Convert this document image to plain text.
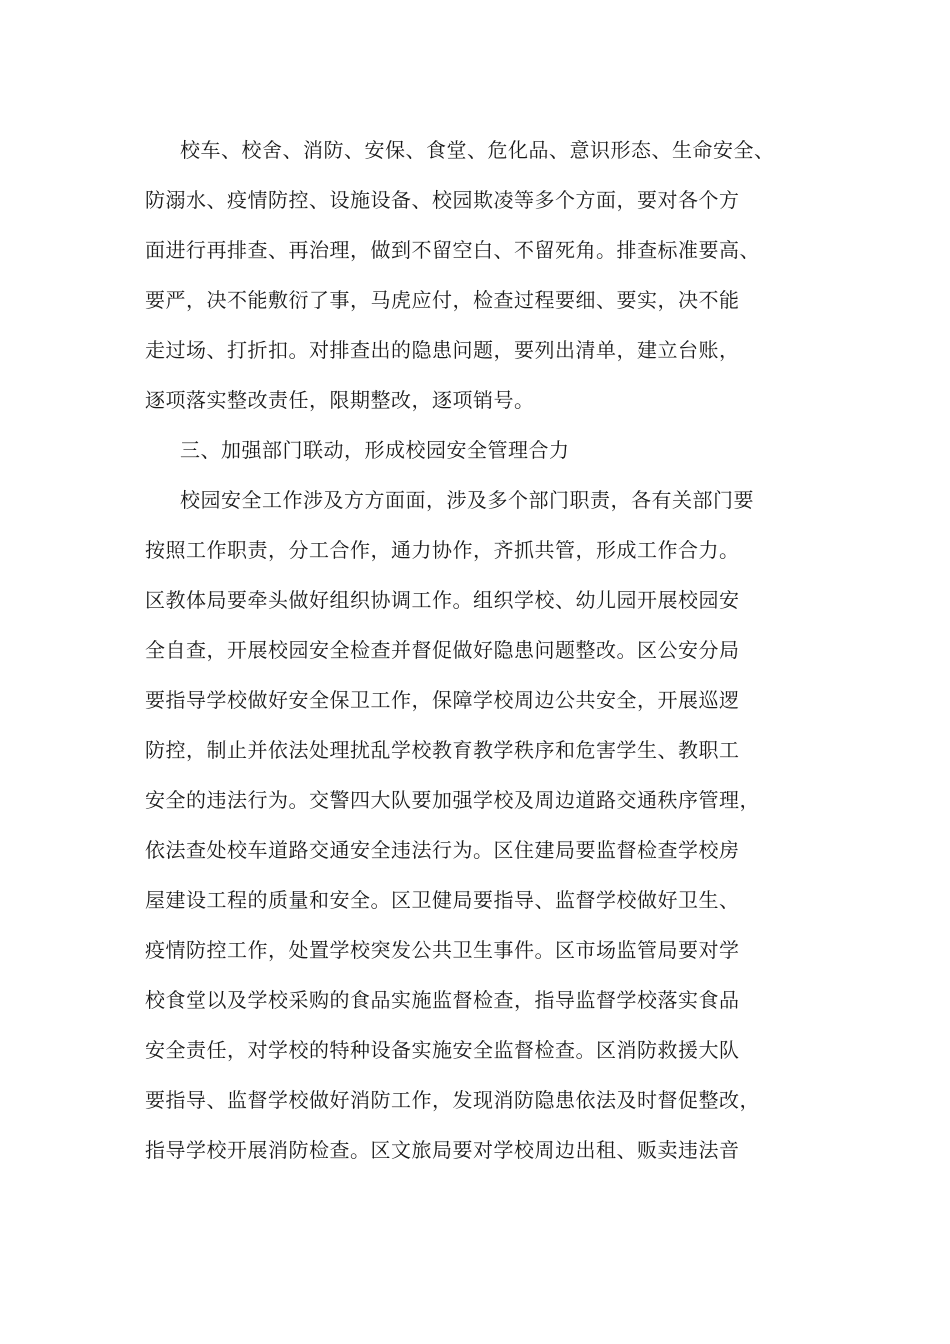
校车、校舍、消防、安保、食堂、危化品、意识形态、生命安全、
防溺水、疫情防控、设施设备、校园欺凌等多个方面，要对各个方
面进行再排查、再治理，做到不留空白、不留死角。排查标准要高、
要严，决不能敷衍了事，马虎应付，检查过程要细、要实，决不能
走过场、打折扣。对排查出的隐患问题，要列出清单，建立台账，
逐项落实整改责任，限期整改，逐项销号。
三、加强部门联动，形成校园安全管理合力
校园安全工作涉及方方面面，涉及多个部门职责，各有关部门要
按照工作职责，分工合作，通力协作，齐抓共管，形成工作合力。
区教体局要牵头做好组织协调工作。组织学校、幼儿园开展校园安
全自查，开展校园安全检查并督促做好隐患问题整改。区公安分局
要指导学校做好安全保卫工作，保障学校周边公共安全，开展巡逻
防控，制止并依法处理扰乱学校教育教学秩序和危害学生、教职工
安全的违法行为。交警四大队要加强学校及周边道路交通秩序管理，
依法查处校车道路交通安全违法行为。区住建局要监督检查学校房
屋建设工程的质量和安全。区卫健局要指导、监督学校做好卫生、
疫情防控工作，处置学校突发公共卫生事件。区市场监管局要对学
校食堂以及学校采购的食品实施监督检查，指导监督学校落实食品
安全责任，对学校的特种设备实施安全监督检查。区消防救援大队
要指导、监督学校做好消防工作，发现消防隐患依法及时督促整改，
指导学校开展消防检查。区文旅局要对学校周边出租、贩卖违法音
